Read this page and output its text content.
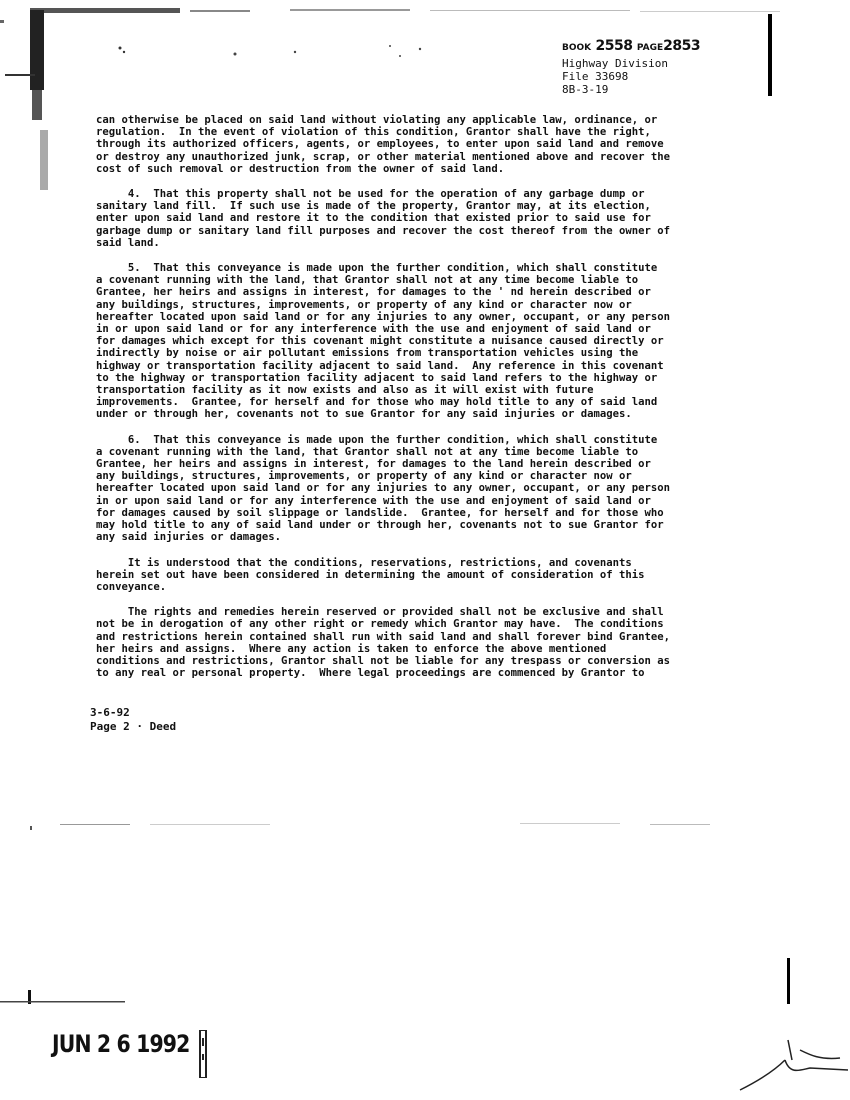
BOOK 2558 PAGE2853
Highway Division
File 33698
8B-3-19
can otherwise be placed on said land without violating any applicable law, ordinance, or
regulation.  In the event of violation of this condition, Grantor shall have the right,
through its authorized officers, agents, or employees, to enter upon said land and remove
or destroy any unauthorized junk, scrap, or other material mentioned above and recover the
cost of such removal or destruction from the owner of said land.
4.  That this property shall not be used for the operation of any garbage dump or
sanitary land fill.  If such use is made of the property, Grantor may, at its election,
enter upon said land and restore it to the condition that existed prior to said use for
garbage dump or sanitary land fill purposes and recover the cost thereof from the owner of
said land.
5.  That this conveyance is made upon the further condition, which shall constitute
a covenant running with the land, that Grantor shall not at any time become liable to
Grantee, her heirs and assigns in interest, for damages to the ' nd herein described or
any buildings, structures, improvements, or property of any kind or character now or
hereafter located upon said land or for any injuries to any owner, occupant, or any person
in or upon said land or for any interference with the use and enjoyment of said land or
for damages which except for this covenant might constitute a nuisance caused directly or
indirectly by noise or air pollutant emissions from transportation vehicles using the
highway or transportation facility adjacent to said land.  Any reference in this covenant
to the highway or transportation facility adjacent to said land refers to the highway or
transportation facility as it now exists and also as it will exist with future
improvements.  Grantee, for herself and for those who may hold title to any of said land
under or through her, covenants not to sue Grantor for any said injuries or damages.
6.  That this conveyance is made upon the further condition, which shall constitute
a covenant running with the land, that Grantor shall not at any time become liable to
Grantee, her heirs and assigns in interest, for damages to the land herein described or
any buildings, structures, improvements, or property of any kind or character now or
hereafter located upon said land or for any injuries to any owner, occupant, or any person
in or upon said land or for any interference with the use and enjoyment of said land or
for damages caused by soil slippage or landslide.  Grantee, for herself and for those who
may hold title to any of said land under or through her, covenants not to sue Grantor for
any said injuries or damages.
It is understood that the conditions, reservations, restrictions, and covenants
herein set out have been considered in determining the amount of consideration of this
conveyance.
The rights and remedies herein reserved or provided shall not be exclusive and shall
not be in derogation of any other right or remedy which Grantor may have.  The conditions
and restrictions herein contained shall run with said land and shall forever bind Grantee,
her heirs and assigns.  Where any action is taken to enforce the above mentioned
conditions and restrictions, Grantor shall not be liable for any trespass or conversion as
to any real or personal property.  Where legal proceedings are commenced by Grantor to
3-6-92
Page 2 · Deed
JUN 2 6 1992
